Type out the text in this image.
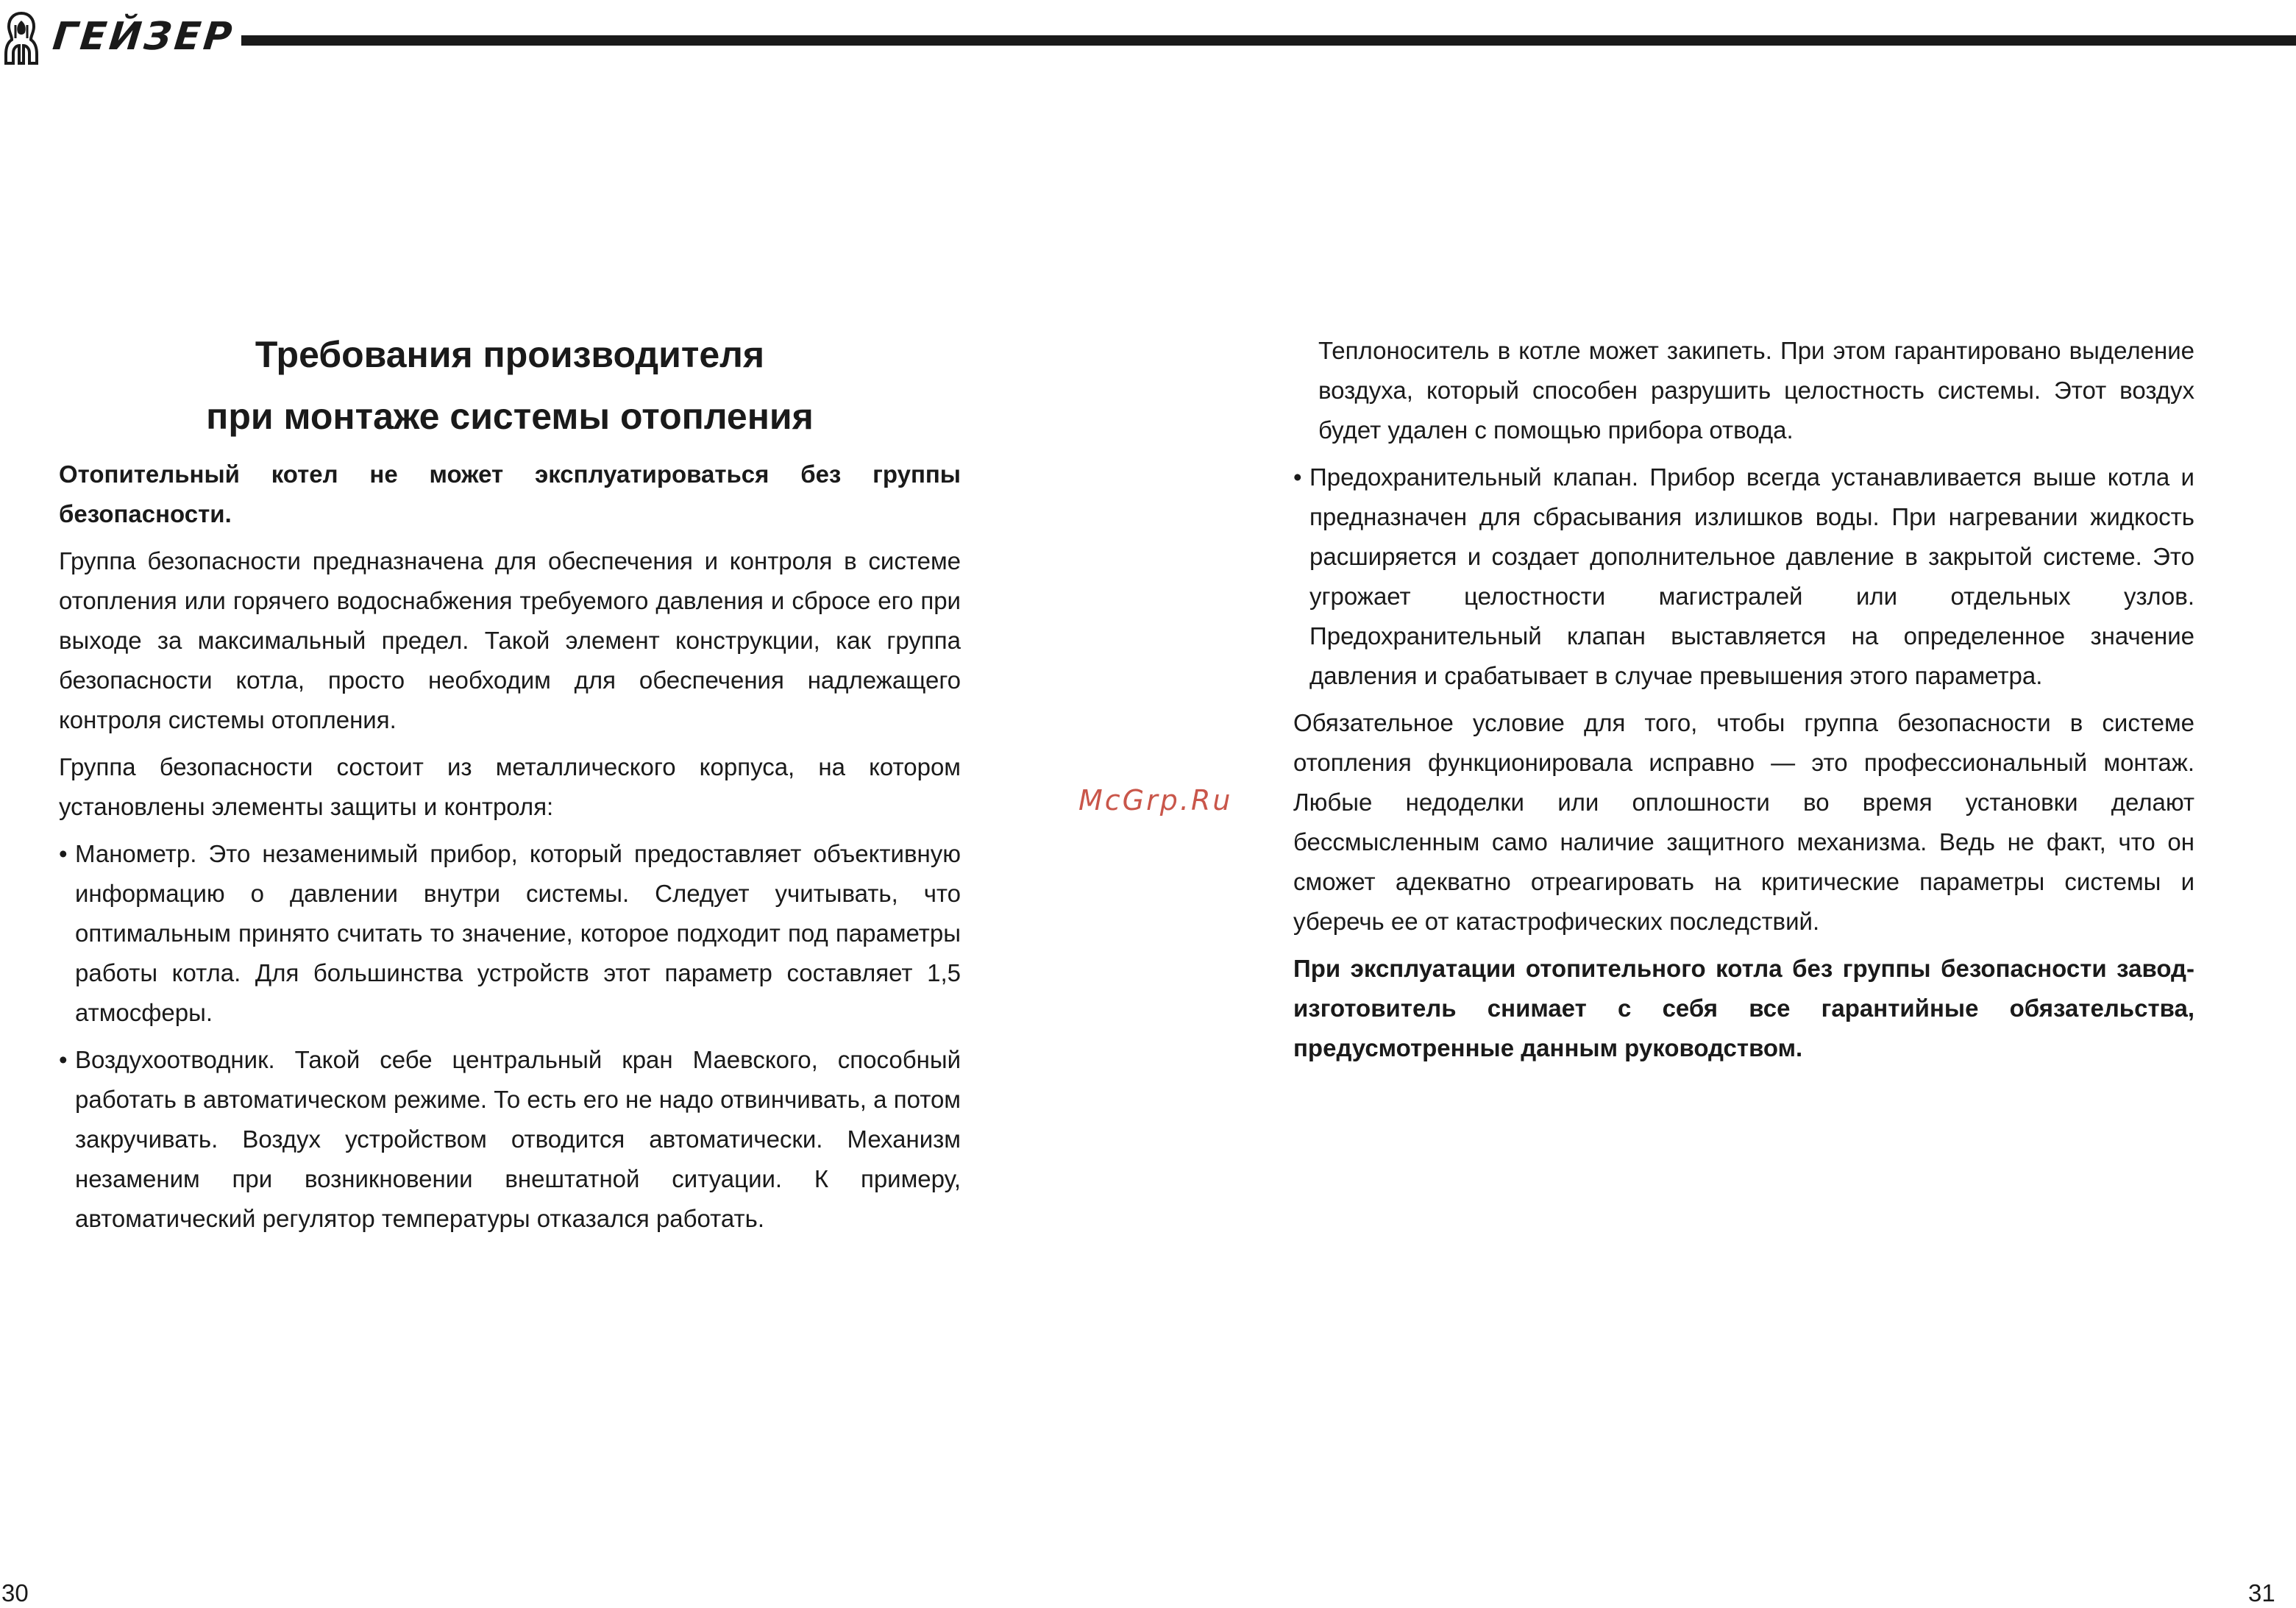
ГЕЙЗЕР
Требования производителя
при монтаже системы отопления

Отопительный котел не может эксплуатироваться без группы безопасности.

Группа безопасности предназначена для обеспечения и контроля в системе отопления или горячего водоснабжения требуемого давления и сбросе его при выходе за максимальный предел. Такой элемент конструкции, как группа безопасности котла, просто необходим для обеспечения надлежащего контроля системы отопления.

Группа безопасности состоит из металлического корпуса, на котором установлены элементы защиты и контроля:

• Манометр. Это незаменимый прибор, который предоставляет объективную информацию о давлении внутри системы. Следует учитывать, что оптимальным принято считать то значение, которое подходит под параметры работы котла. Для большинства устройств этот параметр составляет 1,5 атмосферы.

• Воздухоотводник. Такой себе центральный кран Маевского, способный работать в автоматическом режиме. То есть его не надо отвинчивать, а потом закручивать. Воздух устройством отводится автоматически. Механизм незаменим при возникновении внештатной ситуации. К примеру, автоматический регулятор температуры отказался работать.

McGrp.Ru

Теплоноситель в котле может закипеть. При этом гарантировано выделение воздуха, который способен разрушить целостность системы. Этот воздух будет удален с помощью прибора отвода.

• Предохранительный клапан. Прибор всегда устанавливается выше котла и предназначен для сбрасывания излишков воды. При нагревании жидкость расширяется и создает дополнительное давление в закрытой системе. Это угрожает целостности магистралей или отдельных узлов. Предохранительный клапан выставляется на определенное значение давления и срабатывает в случае превышения этого параметра.

Обязательное условие для того, чтобы группа безопасности в системе отопления функционировала исправно — это профессиональный монтаж. Любые недоделки или оплошности во время установки делают бессмысленным само наличие защитного механизма. Ведь не факт, что он сможет адекватно отреагировать на критические параметры системы и уберечь ее от катастрофических последствий.

При эксплуатации отопительного котла без группы безопасности завод-изготовитель снимает с себя все гарантийные обязательства, предусмотренные данным руководством.

30	31
